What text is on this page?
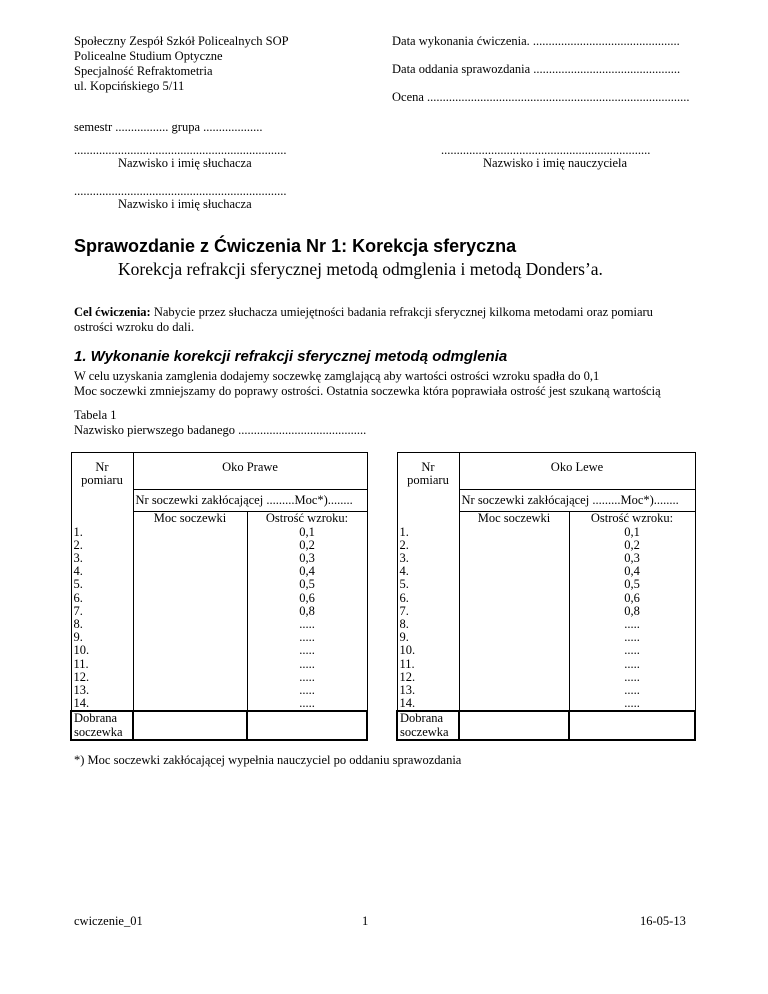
Społeczny Zespół Szkół Policealnych SOP
Policealne Studium Optyczne
Specjalność Refraktometria
ul. Kopcińskiego 5/11
Data wykonania ćwiczenia. ...............................................
Data oddania sprawozdania ...............................................
Ocena ....................................................................................
semestr ................. grupa ...................
....................................................................
Nazwisko i imię słuchacza
...................................................................
Nazwisko i imię nauczyciela
....................................................................
Nazwisko i imię słuchacza
Sprawozdanie z Ćwiczenia Nr 1: Korekcja sferyczna
Korekcja refrakcji sferycznej metodą odmglenia i metodą Donders’a.
Cel ćwiczenia: Nabycie przez słuchacza umiejętności badania refrakcji sferycznej kilkoma metodami oraz pomiaru ostrości wzroku do dali.
1. Wykonanie korekcji refrakcji sferycznej metodą odmglenia
W celu uzyskania zamglenia dodajemy soczewkę zamglającą aby wartości ostrości wzroku spadła do 0,1
Moc soczewki zmniejszamy do poprawy ostrości. Ostatnia soczewka która poprawiała ostrość jest szukaną wartością
Tabela 1
Nazwisko pierwszego badanego .........................................
Nr pomiaru	Oko Prawe	
	Nr soczewki zakłócającej .........Moc*)........	
	Moc soczewki	Ostrość wzroku:
1.		0,1
2.		0,2
3.		0,3
4.		0,4
5.		0,5
6.		0,6
7.		0,8
8.		.....
9.		.....
10.		.....
11.		.....
12.		.....
13.		.....
14.		.....

Dobrana
soczewka		

Nr pomiaru	Oko Lewe	
	Nr soczewki zakłócającej .........Moc*)........	
	Moc soczewki	Ostrość wzroku:
1.		0,1
2.		0,2
3.		0,3
4.		0,4
5.		0,5
6.		0,6
7.		0,8
8.		.....
9.		.....
10.		.....
11.		.....
12.		.....
13.		.....
14.		.....

Dobrana
soczewka		

*) Moc soczewki zakłócającej wypełnia nauczyciel po oddaniu sprawozdania
cwiczenie_01	1	16-05-13
